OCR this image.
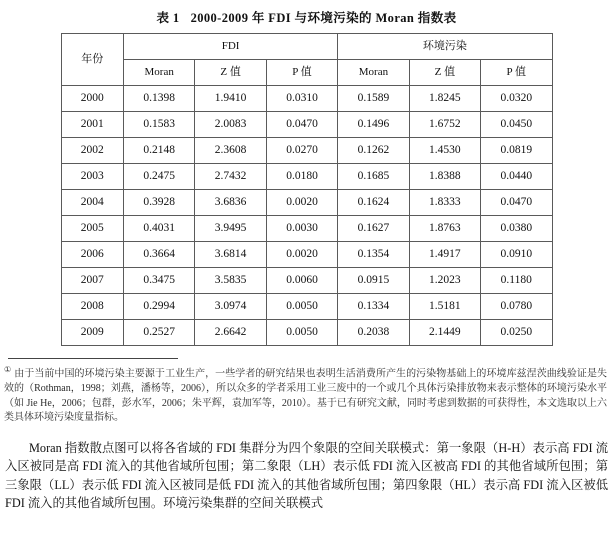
表 1 2000-2009 年 FDI 与环境污染的 Moran 指数表
年份	FDI			环境污染		
	Moran	Z 值	P 值	Moran	Z 值	P 值
2000	0.1398	1.9410	0.0310	0.1589	1.8245	0.0320
2001	0.1583	2.0083	0.0470	0.1496	1.6752	0.0450
2002	0.2148	2.3608	0.0270	0.1262	1.4530	0.0819
2003	0.2475	2.7432	0.0180	0.1685	1.8388	0.0440
2004	0.3928	3.6836	0.0020	0.1624	1.8333	0.0470
2005	0.4031	3.9495	0.0030	0.1627	1.8763	0.0380
2006	0.3664	3.6814	0.0020	0.1354	1.4917	0.0910
2007	0.3475	3.5835	0.0060	0.0915	1.2023	0.1180
2008	0.2994	3.0974	0.0050	0.1334	1.5181	0.0780
2009	0.2527	2.6642	0.0050	0.2038	2.1449	0.0250
① 由于当前中国的环境污染主要源于工业生产，一些学者的研究结果也表明生活消费所产生的污染物基础上的环境库兹涅茨曲线验证是失效的（Rothman，1998；刘燕，潘杨等，2006），所以众多的学者采用工业三废中的一个或几个具体污染排放物来表示整体的环境污染水平（如 Jie He，2006；包群，彭水军，2006；朱平辉，袁加军等，2010）。基于已有研究文献，同时考虑到数据的可获得性，本文选取以上六类具体环境污染度量指标。
Moran 指数散点图可以将各省域的 FDI 集群分为四个象限的空间关联模式：第一象限（H-H）表示高 FDI 流入区被同是高 FDI 流入的其他省域所包围；第二象限（LH）表示低 FDI 流入区被高 FDI 的其他省域所包围；第三象限（LL）表示低 FDI 流入区被同是低 FDI 流入的其他省域所包围；第四象限（HL）表示高 FDI 流入区被低 FDI 流入的其他省域所包围。环境污染集群的空间关联模式
